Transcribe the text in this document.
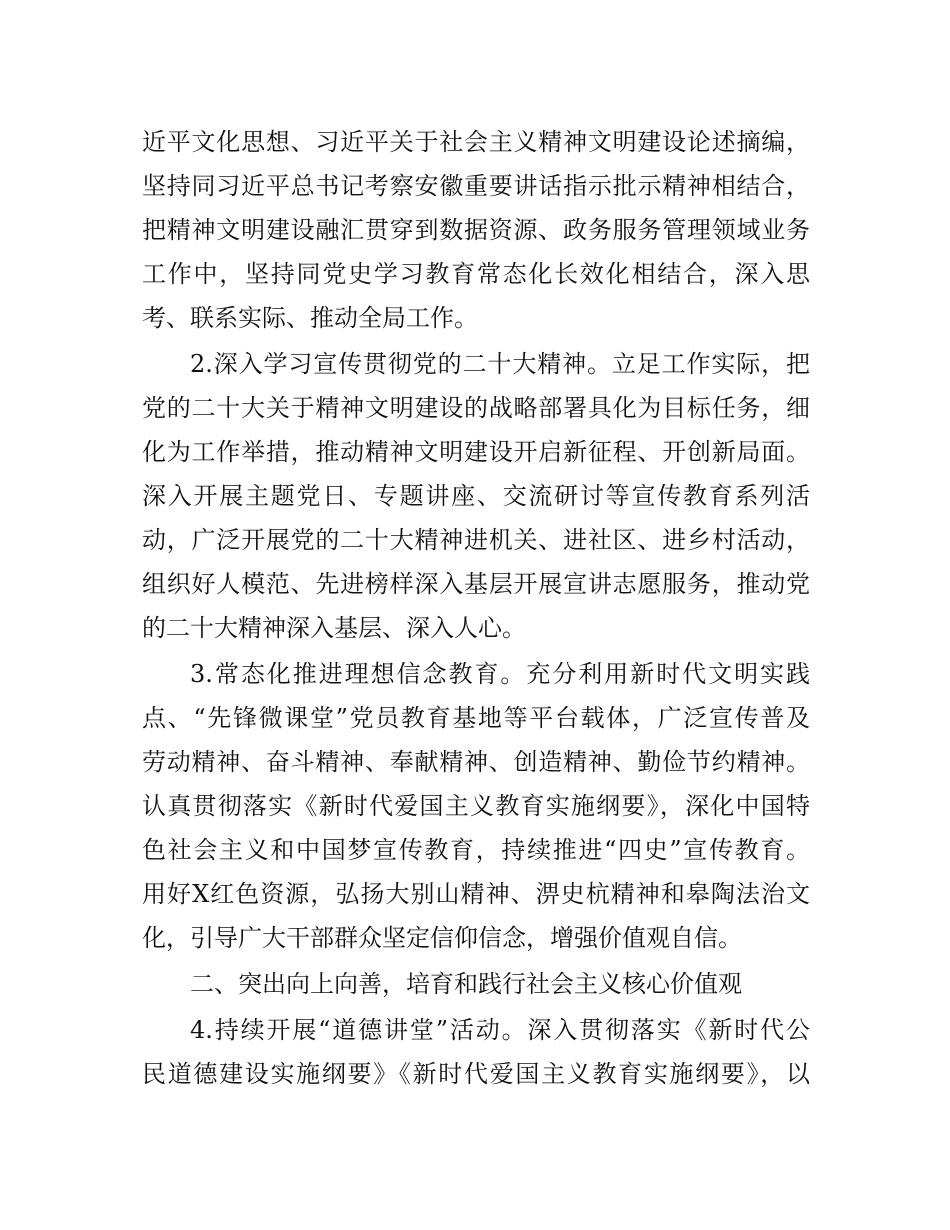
近平文化思想、习近平关于社会主义精神文明建设论述摘编，
坚持同习近平总书记考察安徽重要讲话指示批示精神相结合，
把精神文明建设融汇贯穿到数据资源、政务服务管理领域业务
工作中，坚持同党史学习教育常态化长效化相结合，深入思
考、联系实际、推动全局工作。
2.深入学习宣传贯彻党的二十大精神。立足工作实际，把
党的二十大关于精神文明建设的战略部署具化为目标任务，细
化为工作举措，推动精神文明建设开启新征程、开创新局面。
深入开展主题党日、专题讲座、交流研讨等宣传教育系列活
动，广泛开展党的二十大精神进机关、进社区、进乡村活动，
组织好人模范、先进榜样深入基层开展宣讲志愿服务，推动党
的二十大精神深入基层、深入人心。
3.常态化推进理想信念教育。充分利用新时代文明实践
点、“先锋微课堂”党员教育基地等平台载体，广泛宣传普及
劳动精神、奋斗精神、奉献精神、创造精神、勤俭节约精神。
认真贯彻落实《新时代爱国主义教育实施纲要》，深化中国特
色社会主义和中国梦宣传教育，持续推进“四史”宣传教育。
用好X红色资源，弘扬大别山精神、淠史杭精神和皋陶法治文
化，引导广大干部群众坚定信仰信念，增强价值观自信。
二、突出向上向善，培育和践行社会主义核心价值观
4.持续开展“道德讲堂”活动。深入贯彻落实《新时代公
民道德建设实施纲要》《新时代爱国主义教育实施纲要》，以
